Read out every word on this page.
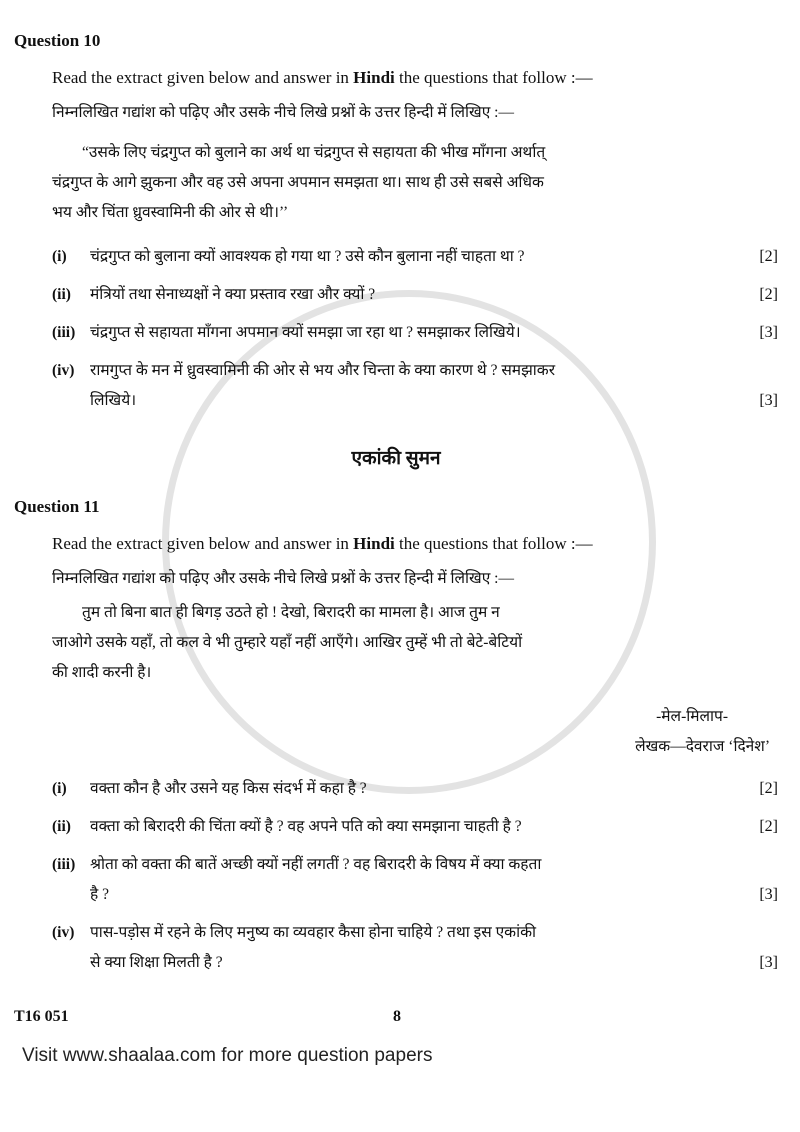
Question 10
Read the extract given below and answer in Hindi the questions that follow :—
निम्नलिखित गद्यांश को पढ़िए और उसके नीचे लिखे प्रश्नों के उत्तर हिन्दी में लिखिए :—
“उसके लिए चंद्रगुप्त को बुलाने का अर्थ था चंद्रगुप्त से सहायता की भीख माँगना अर्थात्
चंद्रगुप्त के आगे झुकना और वह उसे अपना अपमान समझता था। साथ ही उसे सबसे अधिक
भय और चिंता ध्रुवस्वामिनी की ओर से थी।’’
(i)	चंद्रगुप्त को बुलाना क्यों आवश्यक हो गया था ? उसे कौन बुलाना नहीं चाहता था ?	[2]
(ii)	मंत्रियों तथा सेनाध्यक्षों ने क्या प्रस्ताव रखा और क्यों ?	[2]
(iii) चंद्रगुप्त से सहायता माँगना अपमान क्यों समझा जा रहा था ? समझाकर लिखिये।	[3]
(iv)	रामगुप्त के मन में ध्रुवस्वामिनी की ओर से भय और चिन्ता के क्या कारण थे ? समझाकर
लिखिये।	[3]
एकांकी सुमन
Question 11
Read the extract given below and answer in Hindi the questions that follow :—
निम्नलिखित गद्यांश को पढ़िए और उसके नीचे लिखे प्रश्नों के उत्तर हिन्दी में लिखिए :—
तुम तो बिना बात ही बिगड़ उठते हो ! देखो, बिरादरी का मामला है। आज तुम न
जाओगे उसके यहाँ, तो कल वे भी तुम्हारे यहाँ नहीं आएँगे। आखिर तुम्हें भी तो बेटे-बेटियों
की शादी करनी है।
-मेल-मिलाप-
लेखक—देवराज ‘दिनेश’
(i)	वक्ता कौन है और उसने यह किस संदर्भ में कहा है ?	[2]
(ii)	वक्ता को बिरादरी की चिंता क्यों है ? वह अपने पति को क्या समझाना चाहती है ?	[2]
(iii) श्रोता को वक्ता की बातें अच्छी क्यों नहीं लगतीं ? वह बिरादरी के विषय में क्या कहता
है ?	[3]
(iv)	पास-पड़ोस में रहने के लिए मनुष्य का व्यवहार कैसा होना चाहिये ? तथा इस एकांकी
से क्या शिक्षा मिलती है ?	[3]
T16 051	8
Visit www.shaalaa.com for more question papers
